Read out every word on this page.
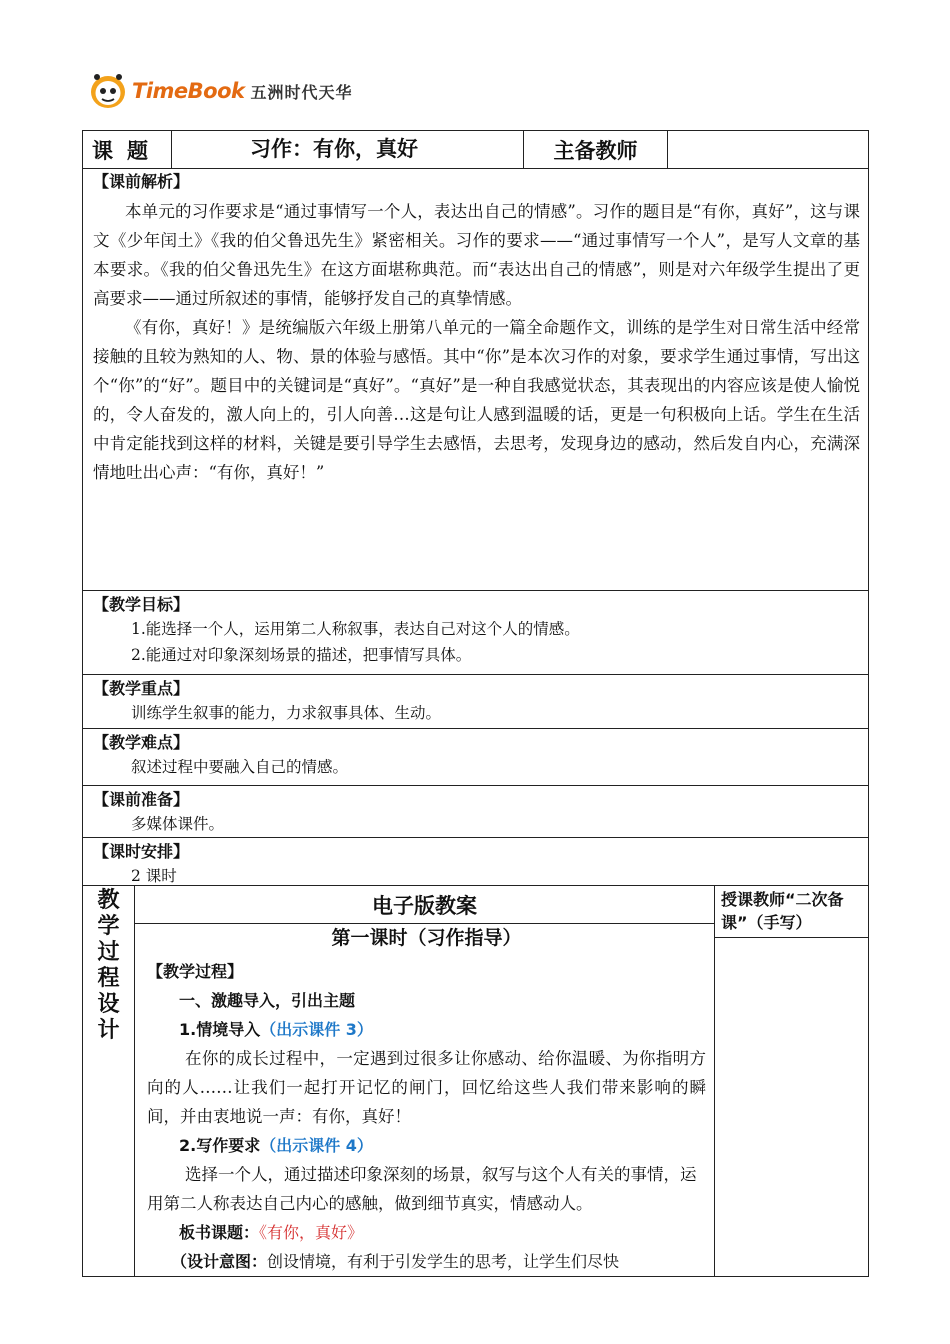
TimeBook 五洲时代天华
课题	习作：有你，真好	主备教师
【课前解析】

本单元的习作要求是“通过事情写一个人，表达出自己的情感”。习作的题目是“有你，真好”，这与课文《少年闰土》《我的伯父鲁迅先生》紧密相关。习作的要求——“通过事情写一个人”，是写人文章的基本要求。《我的伯父鲁迅先生》在这方面堪称典范。而“表达出自己的情感”，则是对六年级学生提出了更高要求——通过所叙述的事情，能够抒发自己的真挚情感。

《有你，真好！》是统编版六年级上册第八单元的一篇全命题作文，训练的是学生对日常生活中经常接触的且较为熟知的人、物、景的体验与感悟。其中“你”是本次习作的对象，要求学生通过事情，写出这个“你”的“好”。题目中的关键词是“真好”。“真好”是一种自我感觉状态，其表现出的内容应该是使人愉悦的，令人奋发的，激人向上的，引人向善…这是句让人感到温暖的话，更是一句积极向上话。学生在生活中肯定能找到这样的材料，关键是要引导学生去感悟，去思考，发现身边的感动，然后发自内心，充满深情地吐出心声：“有你，真好！”

【教学目标】
1.能选择一个人，运用第二人称叙事，表达自己对这个人的情感。
2.能通过对印象深刻场景的描述，把事情写具体。
【教学重点】
训练学生叙事的能力，力求叙事具体、生动。
【教学难点】
叙述过程中要融入自己的情感。
【课前准备】
多媒体课件。
【课时安排】
2 课时
教
学
过
程
设
计
电子版教案
第一课时（习作指导）
【教学过程】
一、激趣导入，引出主题
1.情境导入（出示课件 3）

在你的成长过程中，一定遇到过很多让你感动、给你温暖、为你指明方向的人……让我们一起打开记忆的闸门，回忆给这些人我们带来影响的瞬间，并由衷地说一声：有你，真好！

2.写作要求（出示课件 4）

选择一个人，通过描述印象深刻的场景，叙写与这个人有关的事情，运用第二人称表达自己内心的感触，做到细节真实，情感动人。

板书课题：《有你，真好》
（设计意图：创设情境，有利于引发学生的思考，让学生们尽快
授课教师“二次备课”（手写）
